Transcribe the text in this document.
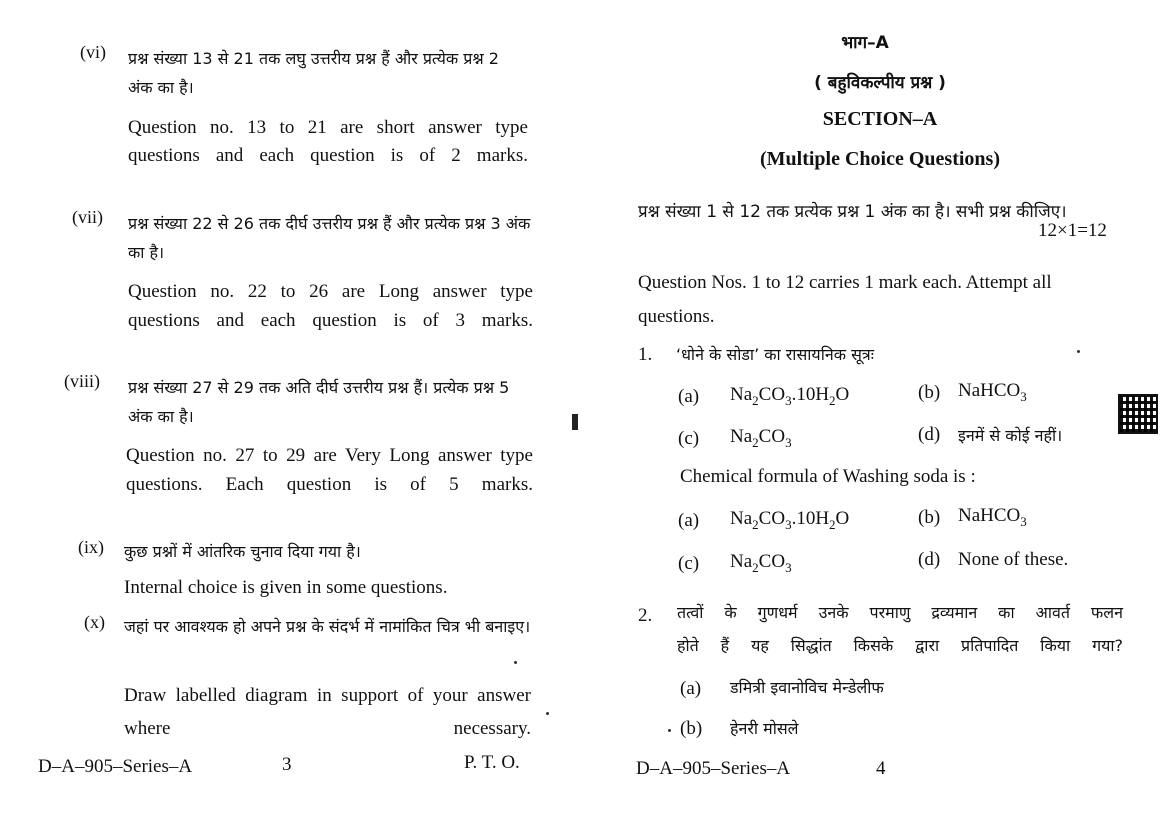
(vi) प्रश्न संख्या 13 से 21 तक लघु उत्तरीय प्रश्न हैं और प्रत्येक प्रश्न 2 अंक का है।
Question no. 13 to 21 are short answer type questions and each question is of 2 marks.
(vii) प्रश्न संख्या 22 से 26 तक दीर्घ उत्तरीय प्रश्न हैं और प्रत्येक प्रश्न 3 अंक का है।
Question no. 22 to 26 are Long answer type questions and each question is of 3 marks.
(viii) प्रश्न संख्या 27 से 29 तक अति दीर्घ उत्तरीय प्रश्न हैं। प्रत्येक प्रश्न 5 अंक का है।
Question no. 27 to 29 are Very Long answer type questions. Each question is of 5 marks.
(ix) कुछ प्रश्नों में आंतरिक चुनाव दिया गया है।
Internal choice is given in some questions.
(x) जहां पर आवश्यक हो अपने प्रश्न के संदर्भ में नामांकित चित्र भी बनाइए।
Draw labelled diagram in support of your answer where necessary.
D–A–905–Series–A	3	P. T. O.
भाग–A
( बहुविकल्पीय प्रश्न )
SECTION–A
(Multiple Choice Questions)
प्रश्न संख्या 1 से 12 तक प्रत्येक प्रश्न 1 अंक का है। सभी प्रश्न कीजिए।
12×1=12
Question Nos. 1 to 12 carries 1 mark each. Attempt all questions.
1. ‘धोने के सोडा’ का रासायनिक सूत्रः
(a) $Na_2CO_3.10H_2O$	(b) NaHCO$_3$
(c) $Na_2CO_3$	(d) इनमें से कोई नहीं।
Chemical formula of Washing soda is :
(a) $Na_2CO_3.10H_2O$	(b) NaHCO$_3$
(c) $Na_2CO_3$	(d) None of these.
2. तत्वों के गुणधर्म उनके परमाणु द्रव्यमान का आवर्त फलन
होते हैं यह सिद्धांत किसके द्वारा प्रतिपादित किया गया?
(a) डमित्री इवानोविच मेन्डेलीफ
(b) हेनरी मोसले
D–A–905–Series–A	4
